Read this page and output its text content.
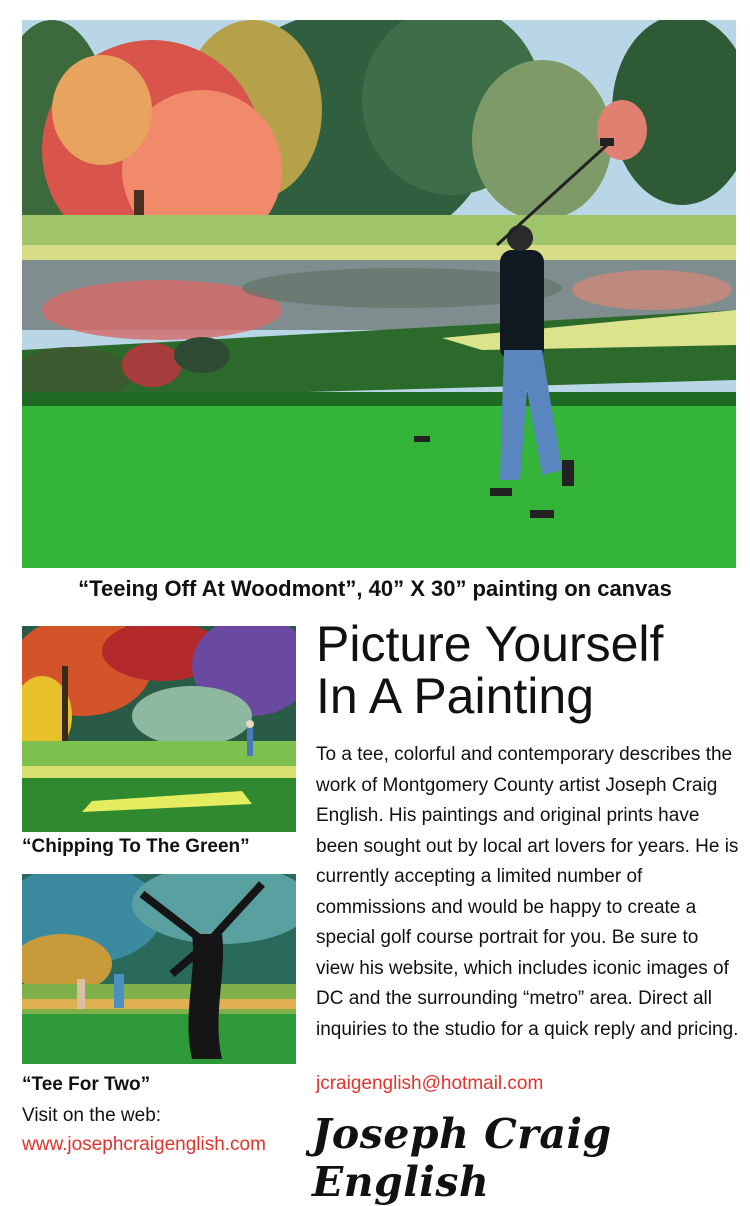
“Teeing Off At Woodmont”, 40” X 30” painting on canvas
“Chipping To The Green”
“Tee For Two”
Picture Yourself
In A Painting
To a tee, colorful and contemporary describes the work of Montgomery County artist Joseph Craig English. His paintings and original prints have been sought out by local art lovers for years. He is currently accepting a limited number of commissions and would be happy to create a special golf course portrait for you. Be sure to view his website, which includes iconic images of DC and the surrounding “metro” area. Direct all inquiries to the studio for a quick reply and pricing.
jcraigenglish@hotmail.com
Visit on the web:
www.josephcraigenglish.com Joseph Craig English
